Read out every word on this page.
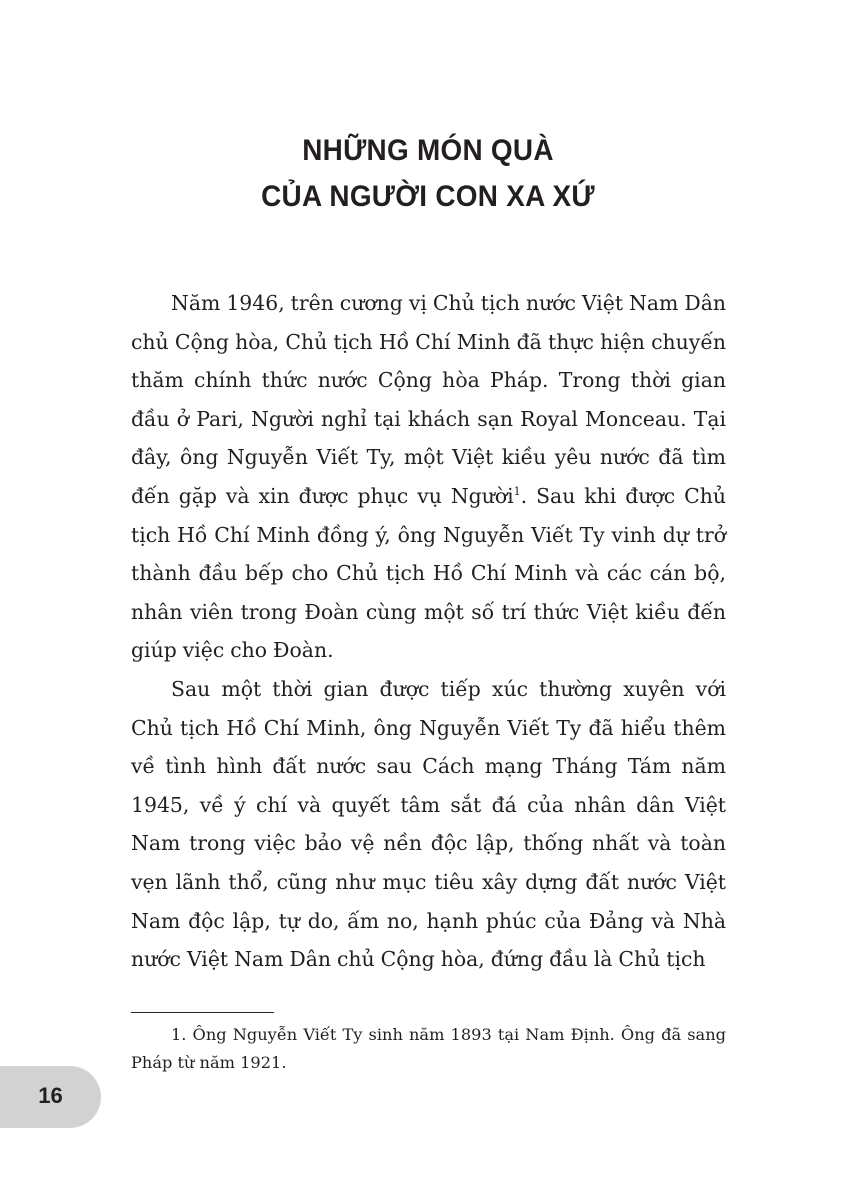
NHỮNG MÓN QUÀ
CỦA NGƯỜI CON XA XỨ

Năm 1946, trên cương vị Chủ tịch nước Việt Nam Dân chủ Cộng hòa, Chủ tịch Hồ Chí Minh đã thực hiện chuyến thăm chính thức nước Cộng hòa Pháp. Trong thời gian đầu ở Pari, Người nghỉ tại khách sạn Royal Monceau. Tại đây, ông Nguyễn Viết Ty, một Việt kiều yêu nước đã tìm đến gặp và xin được phục vụ Người$^1$. Sau khi được Chủ tịch Hồ Chí Minh đồng ý, ông Nguyễn Viết Ty vinh dự trở thành đầu bếp cho Chủ tịch Hồ Chí Minh và các cán bộ, nhân viên trong Đoàn cùng một số trí thức Việt kiều đến giúp việc cho Đoàn.

Sau một thời gian được tiếp xúc thường xuyên với Chủ tịch Hồ Chí Minh, ông Nguyễn Viết Ty đã hiểu thêm về tình hình đất nước sau Cách mạng Tháng Tám năm 1945, về ý chí và quyết tâm sắt đá của nhân dân Việt Nam trong việc bảo vệ nền độc lập, thống nhất và toàn vẹn lãnh thổ, cũng như mục tiêu xây dựng đất nước Việt Nam độc lập, tự do, ấm no, hạnh phúc của Đảng và Nhà nước Việt Nam Dân chủ Cộng hòa, đứng đầu là Chủ tịch

1. Ông Nguyễn Viết Ty sinh năm 1893 tại Nam Định. Ông đã sang Pháp từ năm 1921.

16
